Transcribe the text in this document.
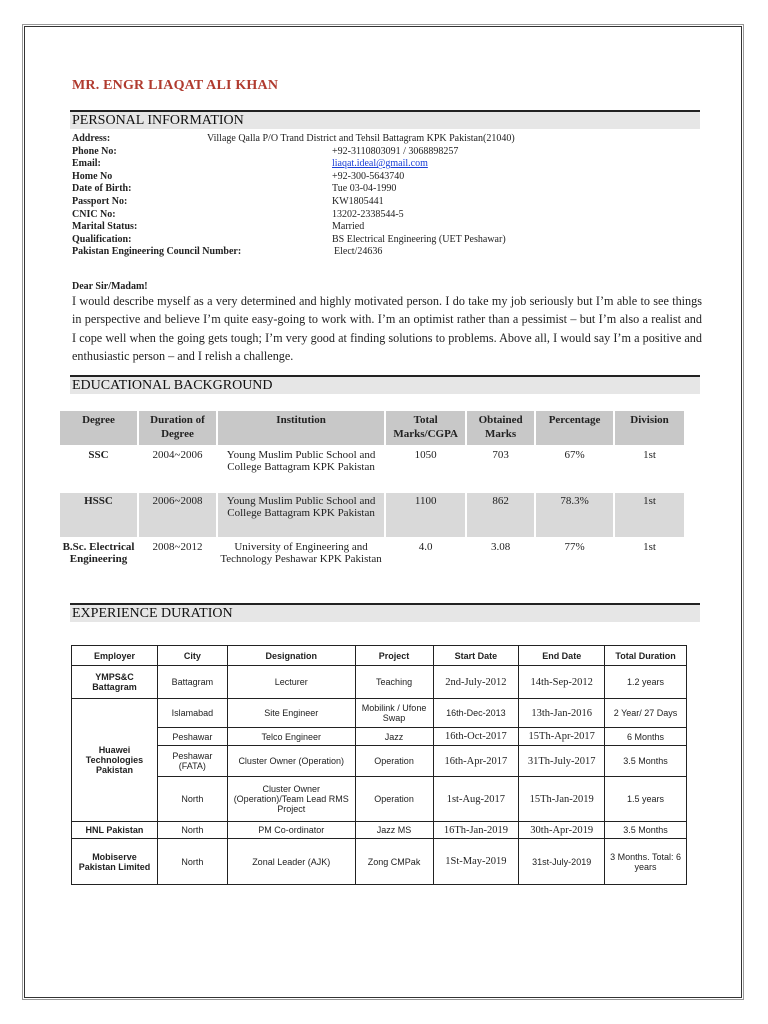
MR. ENGR LIAQAT ALI KHAN
PERSONAL INFORMATION
Address:	Village Qalla P/O Trand District and Tehsil Battagram KPK Pakistan(21040)
Phone No:	+92-3110803091 / 3068898257
Email:	liaqat.ideal@gmail.com
Home No	+92-300-5643740
Date of Birth:	Tue 03-04-1990
Passport No:	KW1805441
CNIC No:	13202-2338544-5
Marital Status:	Married
Qualification:	BS Electrical Engineering (UET Peshawar)
Pakistan Engineering Council Number:	Elect/24636
Dear Sir/Madam!
I would describe myself as a very determined and highly motivated person. I do take my job seriously but I’m able to see things in perspective and believe I’m quite easy-going to work with. I’m an optimist rather than a pessimist – but I’m also a realist and I cope well when the going gets tough; I’m very good at finding solutions to problems. Above all, I would say I’m a positive and enthusiastic person – and I relish a challenge.
EDUCATIONAL BACKGROUND
Degree	Duration of Degree	Institution	Total Marks/CGPA	Obtained Marks	Percentage	Division
SSC	2004~2006	Young Muslim Public School and College Battagram KPK Pakistan	1050	703	67%	1st
HSSC	2006~2008	Young Muslim Public School and College Battagram KPK Pakistan	1100	862	78.3%	1st
B.Sc. Electrical Engineering	2008~2012	University of Engineering and Technology Peshawar KPK Pakistan	4.0	3.08	77%	1st
EXPERIENCE DURATION
Employer	City	Designation	Project	Start Date	End Date	Total Duration
YMPS&C Battagram	Battagram	Lecturer	Teaching	2nd-July-2012	14th-Sep-2012	1.2 years
Huawei Technologies Pakistan	Islamabad	Site Engineer	Mobilink / Ufone Swap	16th-Dec-2013	13th-Jan-2016	2 Year/ 27 Days
	Peshawar	Telco Engineer	Jazz	16th-Oct-2017	15Th-Apr-2017	6 Months
	Peshawar (FATA)	Cluster Owner (Operation)	Operation	16th-Apr-2017	31Th-July-2017	3.5 Months
	North	Cluster Owner (Operation)/Team Lead RMS Project	Operation	1st-Aug-2017	15Th-Jan-2019	1.5 years
HNL Pakistan	North	PM Co-ordinator	Jazz MS	16Th-Jan-2019	30th-Apr-2019	3.5 Months
Mobiserve Pakistan Limited	North	Zonal Leader (AJK)	Zong CMPak	1St-May-2019	31st-July-2019	3 Months. Total: 6 years
